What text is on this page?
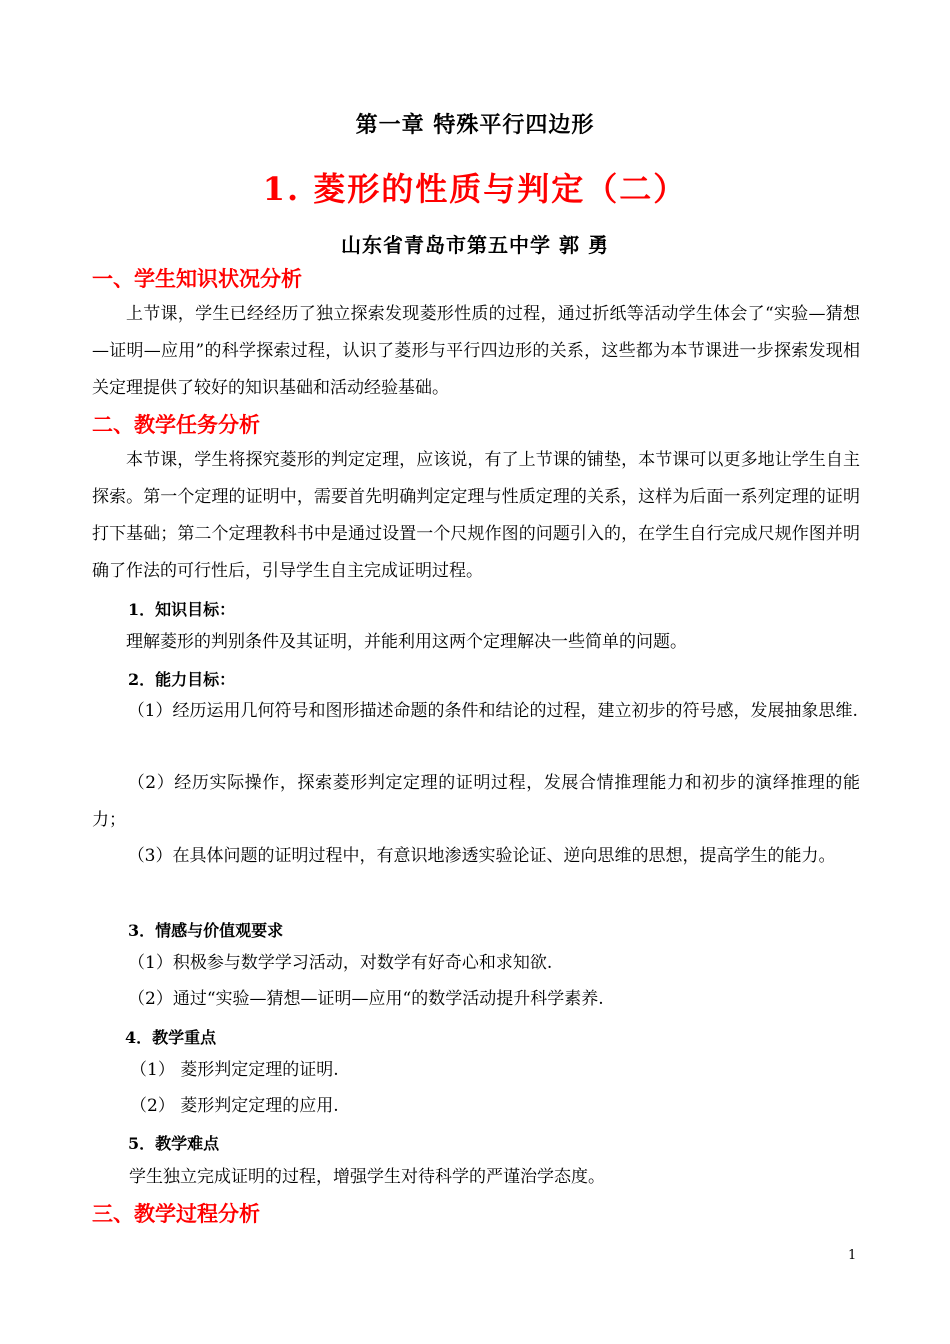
第一章 特殊平行四边形
1. 菱形的性质与判定（二）
山东省青岛市第五中学 郭 勇
一、学生知识状况分析
上节课，学生已经经历了独立探索发现菱形性质的过程，通过折纸等活动学生体会了“实验—猜想—证明—应用”的科学探索过程，认识了菱形与平行四边形的关系，这些都为本节课进一步探索发现相关定理提供了较好的知识基础和活动经验基础。
二、教学任务分析
本节课，学生将探究菱形的判定定理，应该说，有了上节课的铺垫，本节课可以更多地让学生自主探索。第一个定理的证明中，需要首先明确判定定理与性质定理的关系，这样为后面一系列定理的证明打下基础；第二个定理教科书中是通过设置一个尺规作图的问题引入的，在学生自行完成尺规作图并明确了作法的可行性后，引导学生自主完成证明过程。
1．知识目标：
理解菱形的判别条件及其证明，并能利用这两个定理解决一些简单的问题。
2．能力目标：
（1）经历运用几何符号和图形描述命题的条件和结论的过程，建立初步的符号感，发展抽象思维.
（2）经历实际操作，探索菱形判定定理的证明过程，发展合情推理能力和初步的演绎推理的能力；
（3）在具体问题的证明过程中，有意识地渗透实验论证、逆向思维的思想，提高学生的能力。
3．情感与价值观要求
（1）积极参与数学学习活动，对数学有好奇心和求知欲.
（2）通过“实验—猜想—证明—应用“的数学活动提升科学素养.
4．教学重点
（1） 菱形判定定理的证明.
（2） 菱形判定定理的应用.
5．教学难点
学生独立完成证明的过程，增强学生对待科学的严谨治学态度。
三、教学过程分析
1
